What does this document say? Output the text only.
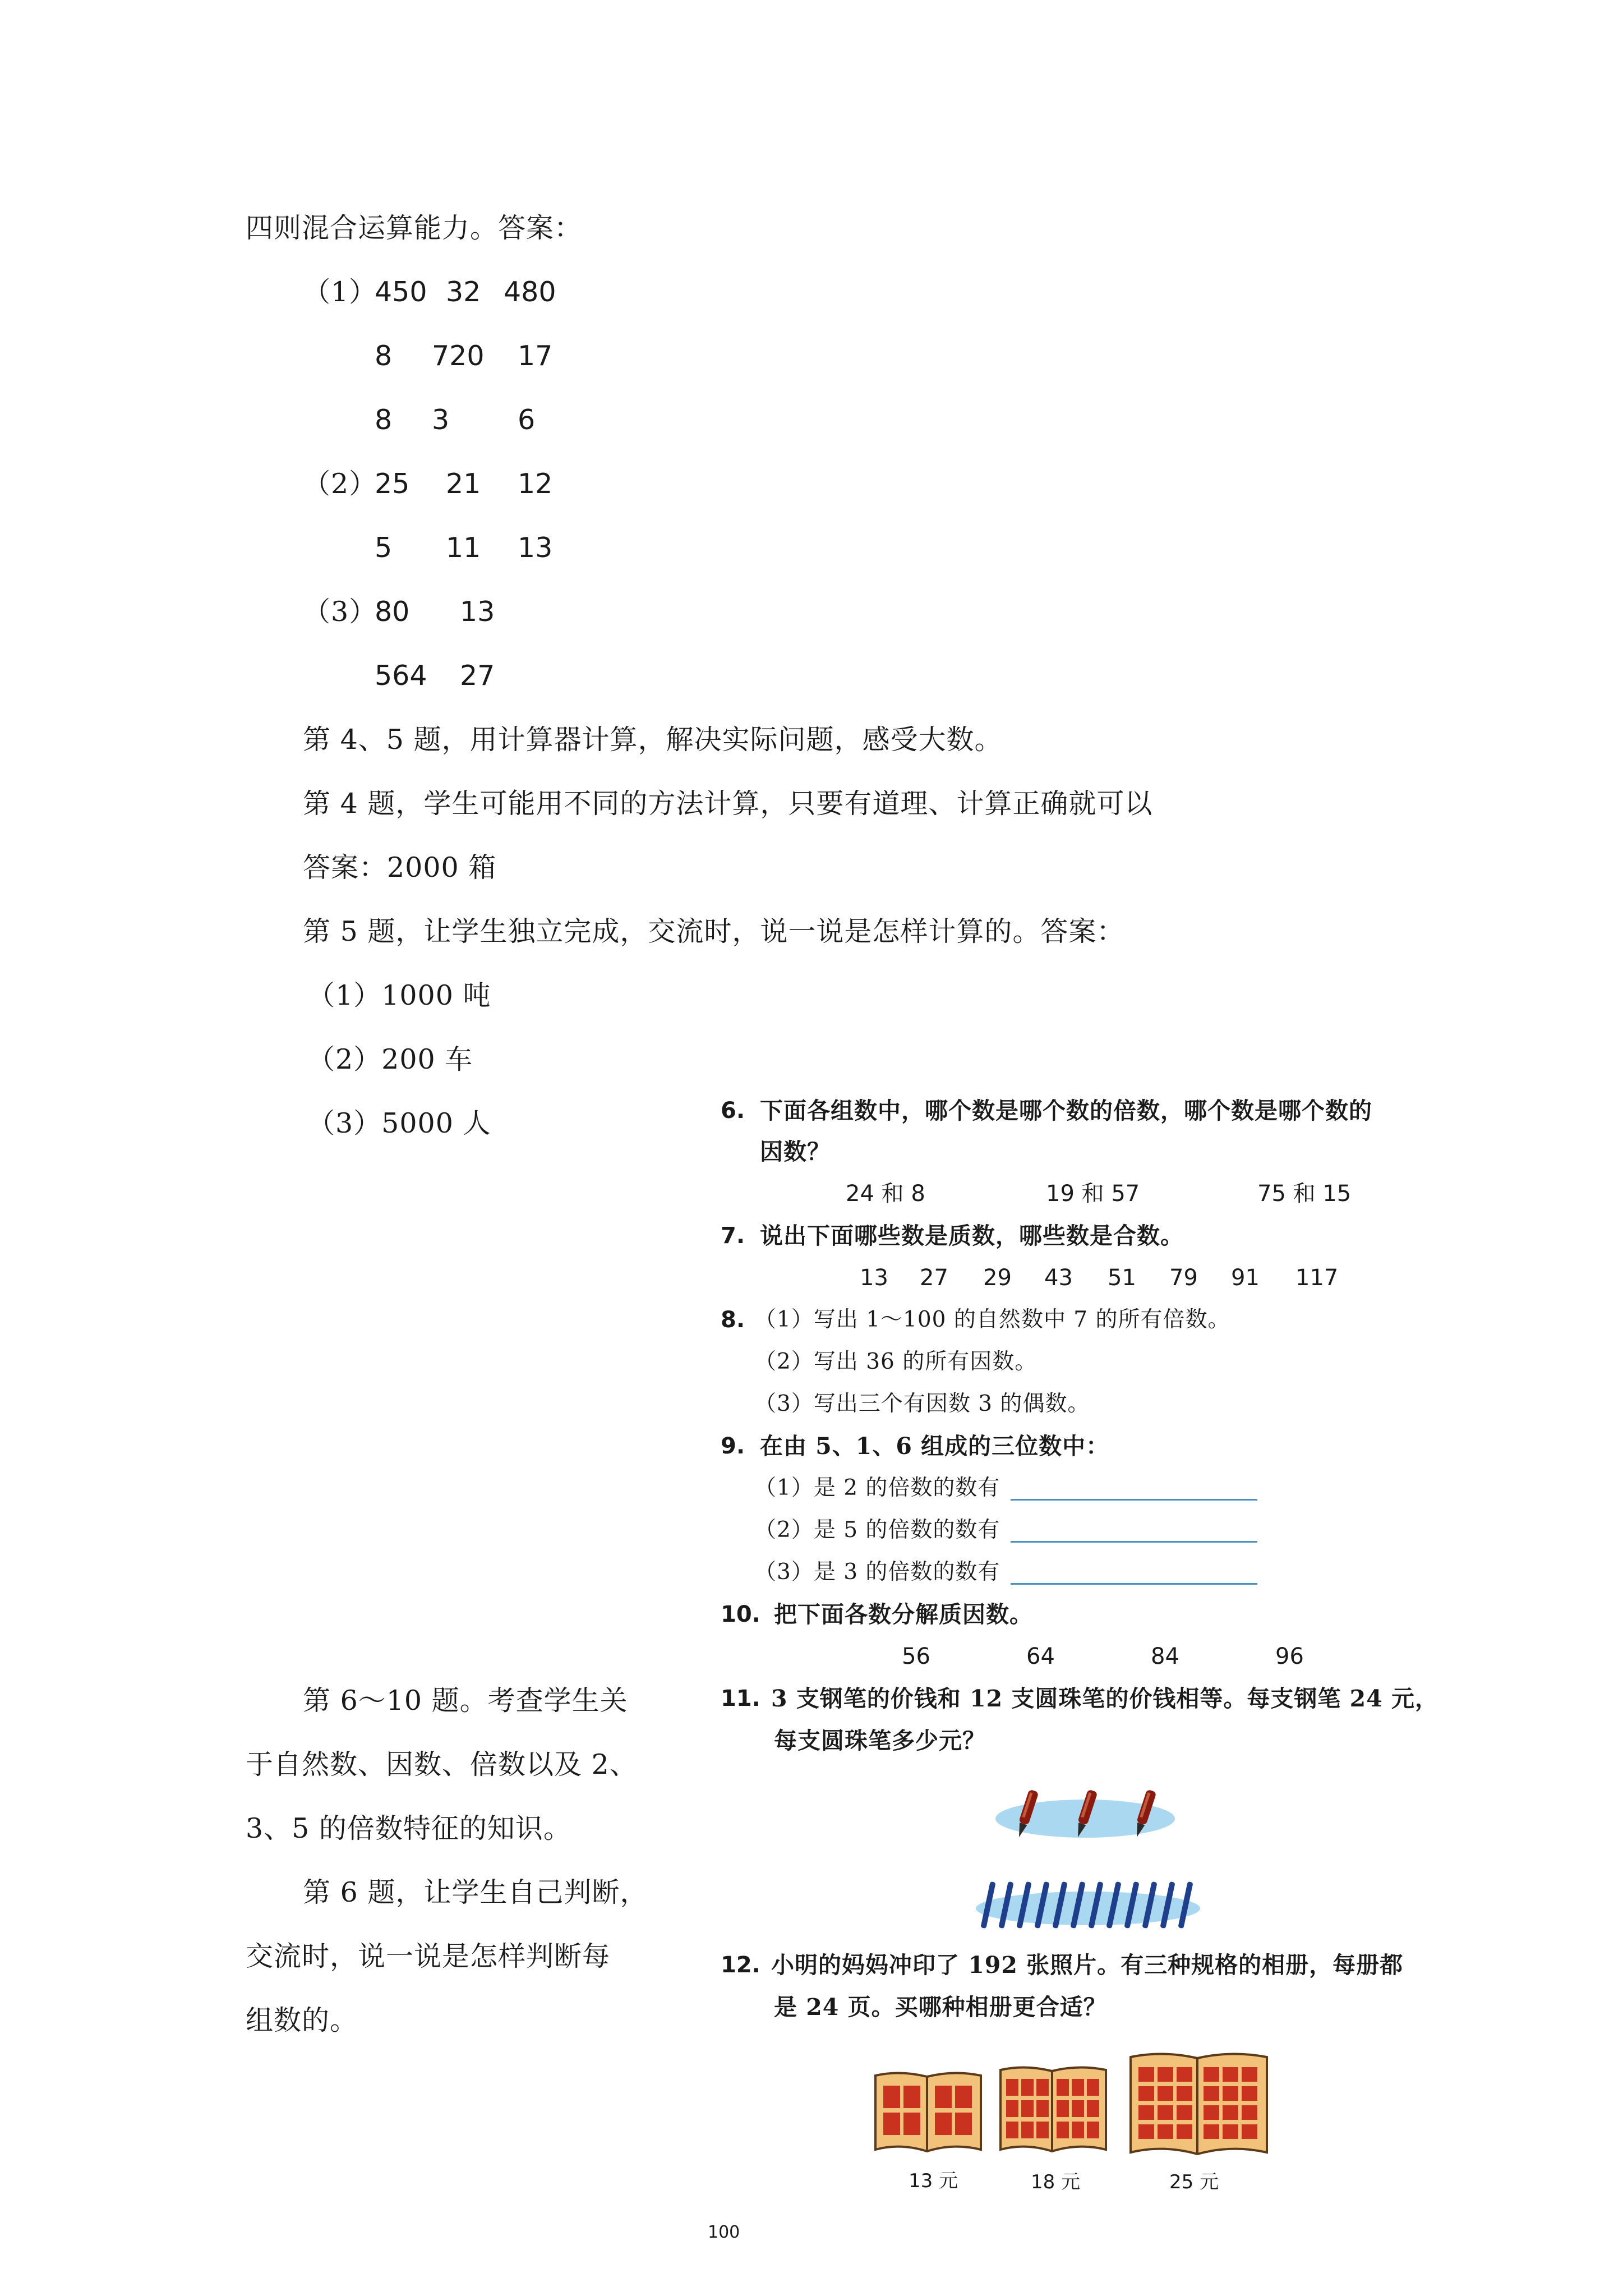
四则混合运算能力。答案：
（1）
450 32 480
8 720 17
8 3 6
（2）
25 21 12
5 11 13
（3）
80 13
564 27
第 4、5 题，用计算器计算，解决实际问题，感受大数。
第 4 题，学生可能用不同的方法计算，只要有道理、计算正确就可以
答案：2000 箱
第 5 题，让学生独立完成，交流时，说一说是怎样计算的。答案：
（1）1000 吨
（2）200 车
（3）5000 人
第 6～10 题。考查学生关
于自然数、因数、倍数以及 2、
3、5 的倍数特征的知识。
第 6 题，让学生自己判断，
交流时，说一说是怎样判断每
组数的。
6. 下面各组数中，哪个数是哪个数的倍数，哪个数是哪个数的
因数？
24 和 8	19 和 57	75 和 15
7. 说出下面哪些数是质数，哪些数是合数。
13 27 29 43 51 79 91 117
8. （1）写出 1～100 的自然数中 7 的所有倍数。
（2）写出 36 的所有因数。
（3）写出三个有因数 3 的偶数。
9. 在由 5、1、6 组成的三位数中：
（1）是 2 的倍数的数有
（2）是 5 的倍数的数有
（3）是 3 的倍数的数有
10. 把下面各数分解质因数。
56	64	84	96
11. 3 支钢笔的价钱和 12 支圆珠笔的价钱相等。每支钢笔 24 元，
每支圆珠笔多少元？
12. 小明的妈妈冲印了 192 张照片。有三种规格的相册，每册都
是 24 页。买哪种相册更合适？
13 元	18 元	25 元
100
